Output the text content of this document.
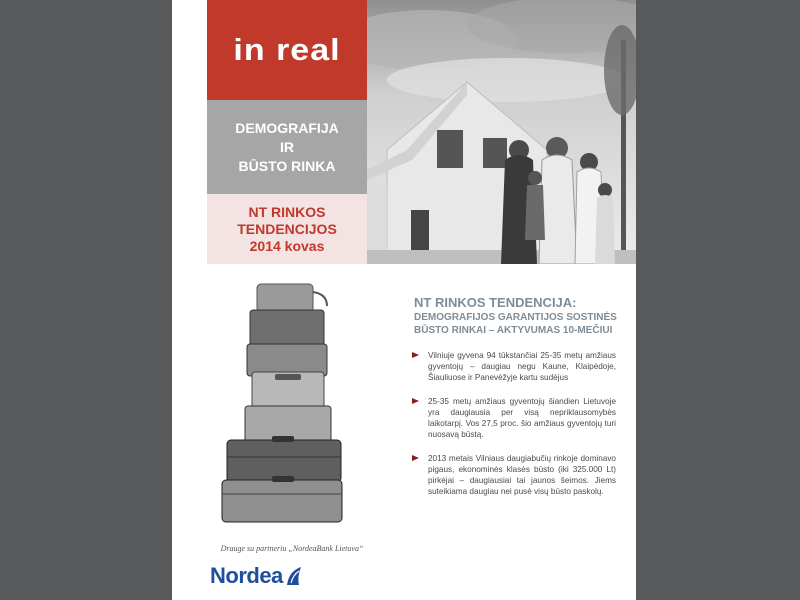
in real
DEMOGRAFIJA
IR
BŪSTO RINKA
NT RINKOS
TENDENCIJOS
2014 kovas
Drauge su partneriu „NordeaBank Lietuva“
Nordea
NT RINKOS TENDENCIJA:
DEMOGRAFIJOS GARANTIJOS SOSTINĖS
BŪSTO RINKAI – AKTYVUMAS 10-MEČIUI
Vilniuje gyvena 94 tūkstančiai 25-35 metų amžiaus gyventojų – daugiau negu Kaune, Klaipėdoje, Šiauliuose ir Panevėžyje kartu sudėjus
25-35 metų amžiaus gyventojų šiandien Lietuvoje yra daugiausia per visą nepriklausomybės laikotarpį. Vos 27,5 proc. šio amžiaus gyventojų turi nuosavą būstą.
2013 metais Vilniaus daugiabučių rinkoje dominavo pigaus, ekonominės klasės būsto (iki 325.000 Lt) pirkėjai – daugiausiai tai jaunos šeimos. Jiems suteikiama daugiau nei pusė visų būsto paskolų.
